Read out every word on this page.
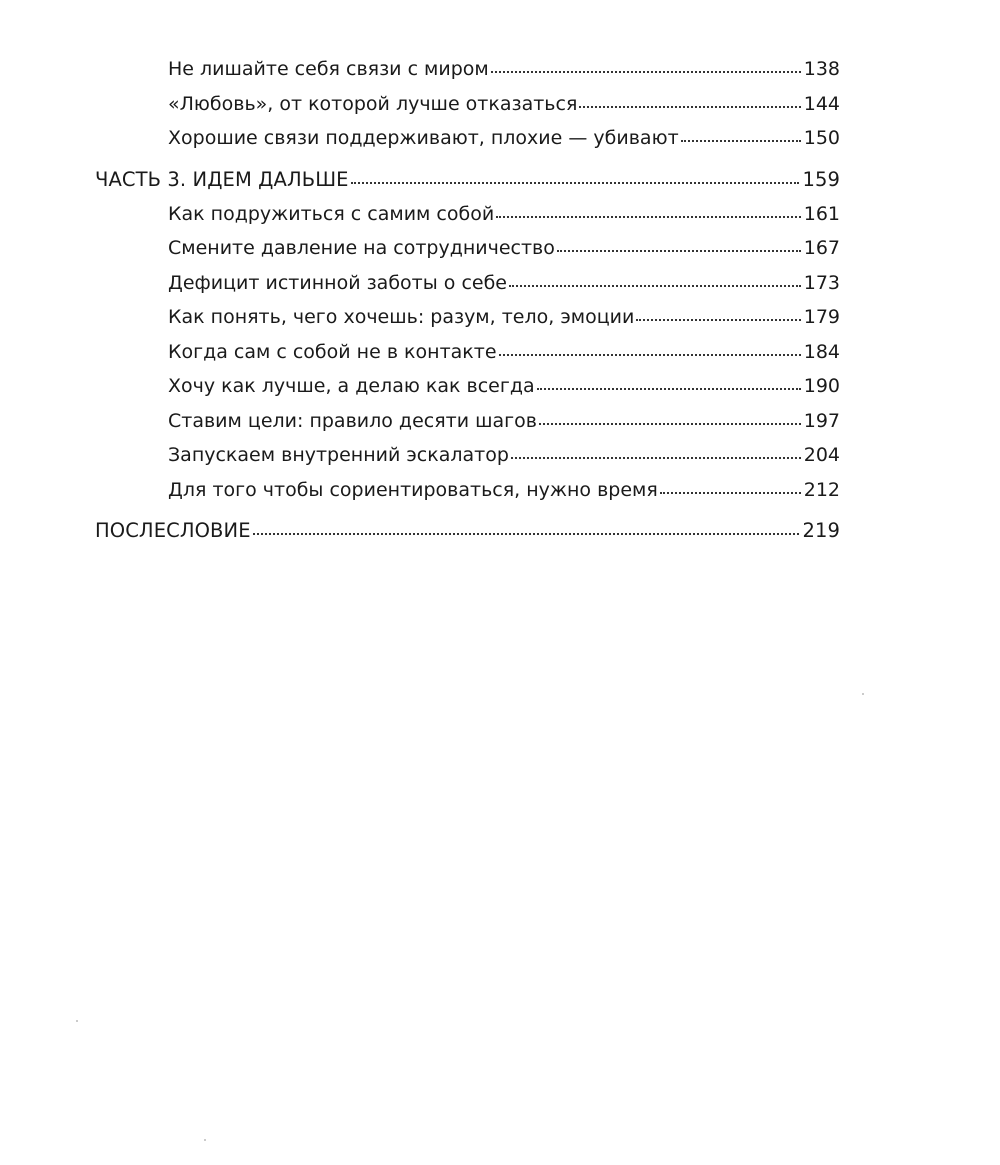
Не лишайте себя связи с миром	138
«Любовь», от которой лучше отказаться	144
Хорошие связи поддерживают, плохие — убивают	150
ЧАСТЬ 3. ИДЕМ ДАЛЬШЕ	159
Как подружиться с самим собой	161
Смените давление на сотрудничество	167
Дефицит истинной заботы о себе	173
Как понять, чего хочешь: разум, тело, эмоции	179
Когда сам с собой не в контакте	184
Хочу как лучше, а делаю как всегда	190
Ставим цели: правило десяти шагов	197
Запускаем внутренний эскалатор	204
Для того чтобы сориентироваться, нужно время	212
ПОСЛЕСЛОВИЕ	219
